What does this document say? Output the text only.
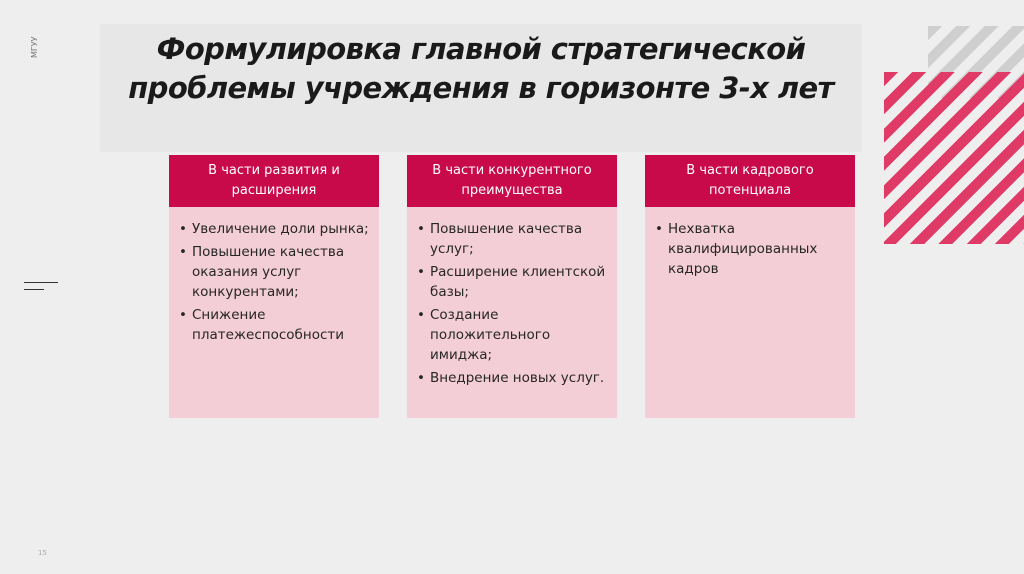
Формулировка главной стратегической
проблемы учреждения в горизонте 3-х лет
МГУУ
В части развития и расширения
• Увеличение доли рынка;
• Повышение качества оказания услуг конкурентами;
• Снижение платежеспособности
В части конкурентного преимущества
• Повышение качества услуг;
• Расширение клиентской базы;
• Создание положительного имиджа;
• Внедрение новых услуг.
В части кадрового потенциала
• Нехватка квалифицированных кадров
15
